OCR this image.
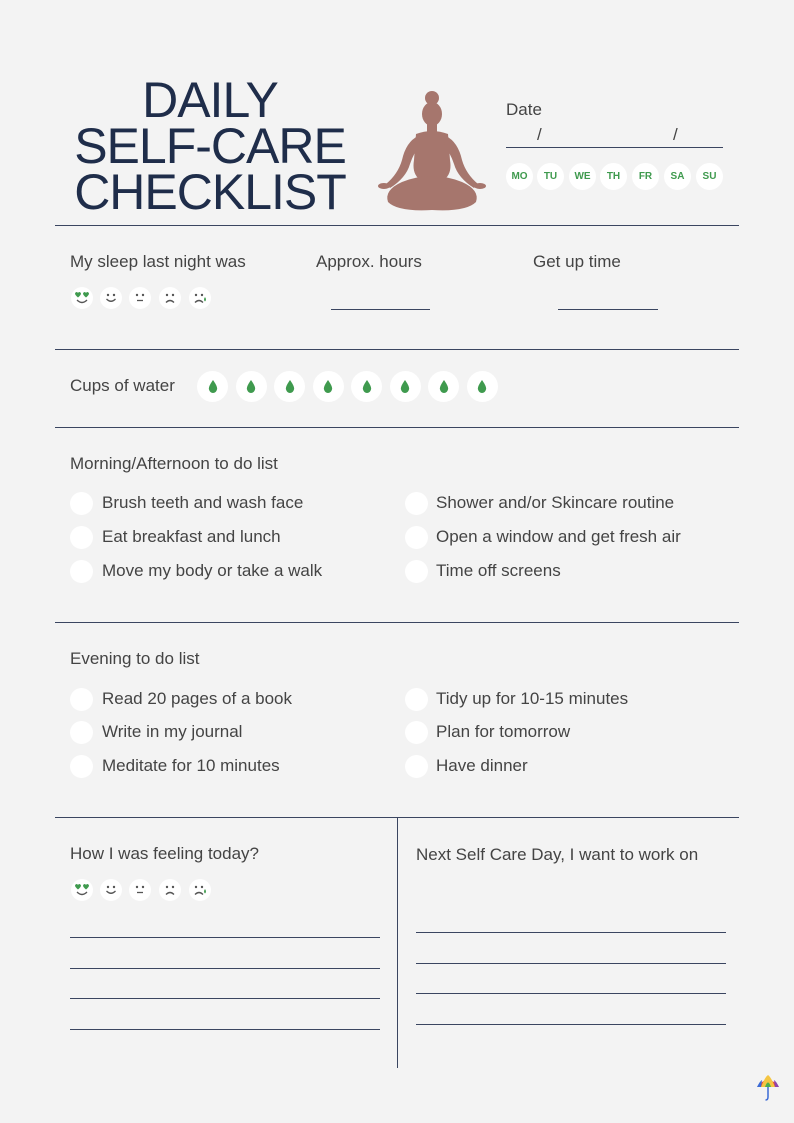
DAILY
SELF-CARE
CHECKLIST
Date
/	/
MO	TU	WE	TH	FR	SA	SU
My sleep last night was	Approx. hours	Get up time
Cups of water
Morning/Afternoon to do list
Brush teeth and wash face
Eat breakfast and lunch
Move my body or take a walk
Shower and/or Skincare routine
Open a window and get fresh air
Time off screens
Evening to do list
Read 20 pages of a book
Write in my journal
Meditate for 10 minutes
Tidy up for 10-15 minutes
Plan for tomorrow
Have dinner
How I was feeling today?	Next Self Care Day, I want to work on
